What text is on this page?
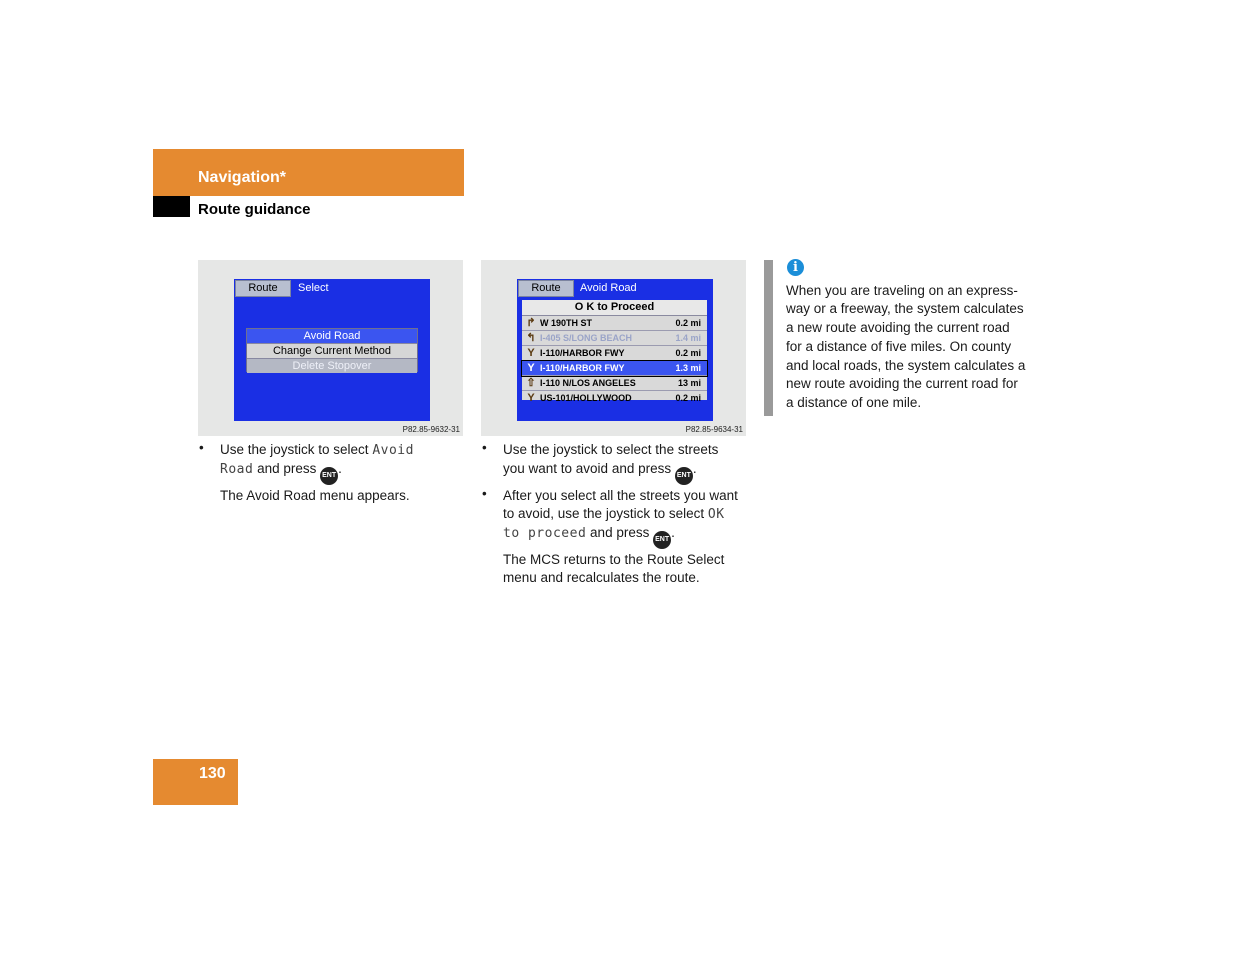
Navigation*
Route guidance
P82.85-9632-31
Route	Select
Avoid Road
Change Current Method
Delete Stopover
P82.85-9634-31
Route	Avoid Road
O K to Proceed
↱ W 190TH ST	0.2 mi
↰ I-405 S/LONG BEACH	1.4 mi
Y I-110/HARBOR FWY	0.2 mi
Y I-110/HARBOR FWY	1.3 mi
⇧ I-110 N/LOS ANGELES	13 mi
Y US-101/HOLLYWOOD	0.2 mi
• Use the joystick to select Avoid
Road and press ENT .
The Avoid Road menu appears.
• Use the joystick to select the streets
you want to avoid and press ENT .
• After you select all the streets you want
to avoid, use the joystick to select OK
to proceed and press ENT .
The MCS returns to the Route Select
menu and recalculates the route.
i
When you are traveling on an express-
way or a freeway, the system calculates
a new route avoiding the current road
for a distance of five miles. On county
and local roads, the system calculates a
new route avoiding the current road for
a distance of one mile.
130
